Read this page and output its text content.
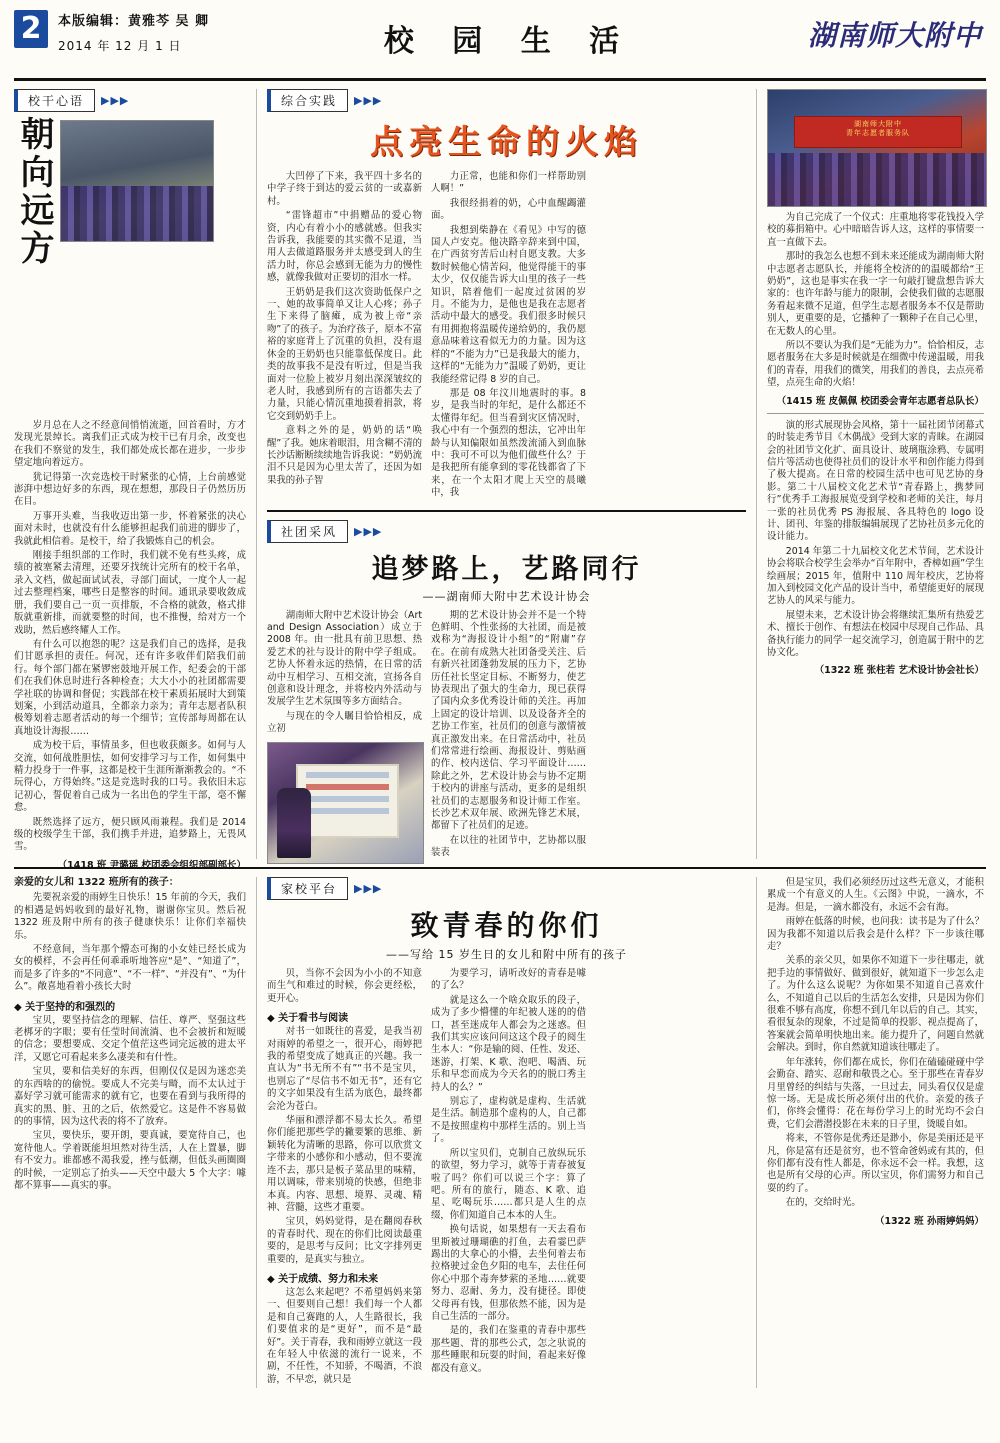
2	本版编辑：黄雅芩 吴 卿
2014 年 12 月 1 日	校 园 生 活	湖南师大附中
校干心语	▶▶▶
朝向远方

岁月总在人之不经意间悄悄流逝，回首看时，方才发现光景绰长。离我们正式成为校干已有月余，改变也在我们不察觉的发生，我们都处成长都在进步，一步步望定地向着远方。

犹记得第一次竞选校干时紧张的心情，上台前感觉澎湃中想边好多的东西，现在想想，那段日子仍然历历在目。

万事开头难，当我收迈出第一步，怀着紧张的决心面对未时，也就没有什么能够担起我们前进的脚步了，我就此相信着。是校干，给了我锻炼自己的机会。

刚接手组织部的工作时，我们就不免有些头疼，成绩的被塞紧去清理，还要牙找统计完所有的校干名单，录入文档，做起面试试表，寻部门面试，一度个人一起过去整理档案，哪些日是整容的时间。通讯录要收敛成册，我们要自己一页一页排版，不合格的就敛，格式排版就重新排，而就要整的时间，也不推慢，给对方一个戏助，然后感终耀人工作。

有什么可以抱怨的呢？这是我们自己的选择，是我们甘愿承担的责任。何况，还有许多收伴们陪我们前行。每个部门都在紧锣密鼓地开展工作，纪委会的干部们在我们休息时进行各种检查；大大小小的社团都需要学社联的协调和督促；实践部在校干素质拓展时大到策划案，小到活动道具，全都亲力亲为；青年志愿者队积极筹划着志愿者活动的每一个细节；宣传部每周都在认真地设计海报……

成为校干后，事情虽多，但也收获颇多。如何与人交流，如何战胜胆怯，如何安排学习与工作，如何集中精力投身于一件事，这都是校干生涯所渐渐教会的。“不玩得心，方得始终。”这是竞选时我的口号。我依旧未忘记初心，誓促着自己成为一名出色的学生干部，毫不懈怠。

既然选择了远方，便只顾风雨兼程。我们是 2014 级的校级学生干部，我们携手并进，追梦路上，无畏风雪。

（1418 班 尹璐瑶 校团委会组织部副部长）
综合实践	▶▶▶
点亮生命的火焰

大凹停了下来，我平四十多名的中学子终于到达的爱云贫的一或嘉新村。

“雷锋超市”中捐赠品的爱心物资，内心有着小小的感就感。但我实告诉我，我能要的其实微不足道，当用人去做道路服务并太感受到人的生活力时，你总会感到无能为力的慢性感，就像我做对正要切的泪水一样。

王奶奶是我们这次资助低保户之一、她的故事简单又让人心疼；孙子生下来得了脑瘫，成为被上帝“亲吻”了的孩子。为治疗孩子，原本不富裕的家庭背上了沉重的负担，没有退休金的王奶奶也只能靠低保度日。此类的故事我不是没有听过，但是当我面对一位脸上被岁月刻出深深皱纹的老人时，我感到所有的言语都失去了力量，只能心情沉重地摸着捐款，将它交到奶奶手上。

意料之外的是，奶奶的话“唤醒”了我。她床着眼泪，用含糊不清的长沙话断断续续地告诉我说：“奶奶流泪不只是因为心里太苦了，还因为如果我的孙子智

力正常，也能和你们一样帮助别人啊！”

我很经捐着的奶，心中血醒蠲灌面。

我想到柴静在《看见》中写的德国人卢安克。他决路辛辞来到中国，在广西贫穷苦后山村自愿支教。大多数时候他心情苦闷，他觉得能干的事太少，仅仅能告诉大山里的孩子一些知识，陪着他们一起度过贫困的岁月。不能为力，是他也是我在志愿者活动中最大的感受。我们很多时候只有用拥抱将温暖传递给奶的，我仍愿意品味着这看似无力的力量。因为这样的“不能为力”已是我最大的能力，这样的“无能为力”温暖了奶奶，更让我能经常记得 8 岁的自己。

那是 08 年汶川地震时的事。8 岁，是我当时的年纪，是什么都还不太懂得年纪。但当看到灾区情况时，我心中有一个强烈的想法，它冲出年龄与认知偏限如虽然泼流涌入到血脉中：我可不可以为他们做些什么？于是我把所有能拿到的零花钱都省了下来，在一个太阳才爬上天空的晨曦中，我

社团采风	▶▶▶
追梦路上，艺路同行
——湖南师大附中艺术设计协会

湖南师大附中艺术设计协会（Art and Design Association）成立于 2008 年。由一批具有前卫思想、热爱艺术的社与设计的附中学子组成。艺协人怀着永远的热情，在日常的活动中互相学习、互相交流，宣扬各自创意和设计理念，并将校内外活动与发展学生艺术氛围等多方面结合。

与现在的令人瞩目恰恰相反，成立初

期的艺术设计协会并不是一个特色鲜明、个性张扬的大社团，而是被戏称为“海报设计小组”的“附庸”存在。在前有成熟大社团备受关注、后有新兴社团蓬勃发展的压力下，艺协历任社长坚定目标、不断努力，使艺协表现出了强大的生命力，现已获得了国内众多优秀设计师的关注。再加上固定的设计培训、以及设备齐全的艺协工作室，社员们的创意与激情被真正激发出来。在日常活动中，社员们常常进行绘画、海报设计、剪贴画的作、校内送信、学习平面设计……除此之外，艺术设计协会与协不定期于校内的讲座与活动，更多的是组织社员们的志愿服务和设计师工作室。长沙艺术双年展、欧洲先锋艺术展，都留下了社员们的足迹。

在以往的社团节中，艺协都以服装表

湖南师大附中
青年志愿者服务队

为自己完成了一个仪式：庄重地将零花钱投入学校的募捐箱中。心中暗暗告诉人这，这样的事情要一直一直做下去。

那时的我怎么也想不到未来还能成为湖南师大附中志愿者志愿队长，并能将全校济的的温暖都给“王奶奶”，这也是事实在我一字一句敲打键盘想告诉大家的：也许年龄与能力的限制，会使我们做的志愿服务看起来微不足道，但学生志愿者服务本不仅是帮助别人，更重要的是，它播种了一颗种子在自己心里，在无数人的心里。

所以不要认为我们是“无能为力”。恰恰相反，志愿者服务在大多是时候就是在细微中传递温暖，用我们的青春，用我们的微笑，用我们的善良，去点亮希望，点亮生命的火焰！

（1415 班 皮佩佩 校团委会青年志愿者总队长）

演的形式展现协会风格，第十一届社团节闭幕式的时装走秀节目《木偶战》受到大家的青睐。在湖园会的社团节文化扩、面具设计、玻璃瓶涂鸦、专属明信片等活动也使得社员们的设计水平和创作能力得到了极大提高。在日常的校园生活中也可见艺协的身影。第二十八届校文化艺术节“青春路上，携梦同行”优秀手工海报展览受到学校和老师的关注，每月一张的社员优秀 PS 海报展、各具特色的 logo 设计、团刊、年鉴的排版编辑展现了艺协社员多元化的设计能力。

2014 年第二十九届校文化艺术节间，艺术设计协会将联合校学生会举办“百年附中，香樟如画”学生绘画展；2015 年，值附中 110 周年校庆，艺协将加入到校园文化产品的设计当中，希望能更好的展现艺协人的风采与能力。

展望未来，艺术设计协会将继续汇集所有热爱艺术、擅长于创作、有想法在校园中尽现自己作品、具备执行能力的同学一起交流学习，创造属于附中的艺协文化。

（1322 班 张柱若 艺术设计协会社长）
亲爱的女儿和 1322 班所有的孩子：

先要祝亲爱的雨婷生日快乐！15 年前的今天，我们的相遇是妈妈收到的最好礼物，谢谢你宝贝。然后祝 1322 班及附中所有的孩子健康快乐！让你们幸福快乐。

不经意间，当年那个懵态可掬的小女娃已经长成为女的模样，不会再任何乖乖听地答应“是”、“知道了”，而是多了许多的“不同意”、“不一样”、“并没有”、“为什么”。敞喜地看着小孩长大时

◆ 关于坚持的和强烈的

宝贝，要坚持信念的理解、信任、尊严、坚强这些老梆牙的字眼；要有任莹时间流淌、也不会被折和短暖的信念；要想要成、交定个值茫这些词完远被的进太平洋，又愿它可看起来多么凄美和有什性。

宝贝，要和信美好的东西，但刚仅仅是因为迷恋美的东西啥的的偷悦。要成人不完美与畸，而不太认过于嘉好学习就可能需求的就有它，也要在看到与我所得的真实的黑、脏、丑的之后，依然爱它。这是件不容易做的的事情，因为这代表的将不了放弃。

宝贝，要快乐，要开朗，要真诚，要宽待自己，也宽待他人。学着既能坦坦然对待生活，人在上置暴，脚有不安力。谁都感不渴我爱，挫与低潮，但低头画圈圈的时候，一定别忘了抬头——天空中最大 5 个大字：噱都不算事——真实的事。

家校平台	▶▶▶
致青春的你们
——写给 15 岁生日的女儿和附中所有的孩子

贝，当你不会因为小小的不知意而生气和难过的时候，你会更经松，更开心。

◆ 关于看书与阅读

对书一如既往的喜爱，是我当初对雨婷的希望之一，很开心，雨婷把我的希望变成了她真正的兴趣。我一直认为“书无所不有”“书不是宝贝，也别忘了“尽信书不如无书”，还有它的文字如果没有生活为底色，最终都会沦为苍白。

华丽和漂浮都不易太长久。希望你们能把那些学的撇要繁的思维、新颖转化为清晰的思路，你可以欣赏文字带来的小感你和小感动，但不要流连不去，那只是板子菜品里的味精，用以调味，带来别境的快感，但绝非本真。内容、思想、境界、灵魂、精神、营髓，这些才重要。

宝贝，妈妈觉得，是在翻阅春秋的青春时代、现在的你们比阅读最重要的，是思考与反问；比文字排列更重要的，是真实与独立。

◆ 关于成绩、努力和未来

这怎么来起吧？不希望妈妈来第一、但要则自己想！我们每一个人都是和自己赛跑的人，人生路很长，我们要值求的是“更好”，而不是“最好”。关于青春，我和雨婷立就这一段在年轻人中依滋的流行一说来，不剧，不任性，不知骄，不喝酒，不浪游，不早恋，就只是

为要学习，请听改好的青春是噱的了么？

就是这么一个啥众取乐的段子，成为了多少懵懂的年纪被人迷的的借口，甚至迷成年人都会为之迷惑。但我们其实应该问问这这个段子的阅生生本人：“你是输的阅、任性、发还、迷游，打架、K 歌、泡吧、喝酒、玩乐和早恋而成为今天名的的脱口秀主持人的么？”

别忘了，虚构就是虚构、生活就是生活。制造那个虚构的人，自己都不是按照虚构中那样生活的。别上当了。

所以宝贝们，克制自己放纵玩乐的欲望，努力学习，就等于青春被复啦了吗？你们可以说三个字：算了吧。所有的旅行，随态、K 歌、追星、吃喝玩乐……都只是人生的点缀，你们知道自己本本的人生。

换句话说，如果想有一天去看布里斯被过珊瑚礁的打鱼，去看霎巴萨踢出的大拿心的小懵，去坐何着去布拉格驶过金色夕阳的电车，去住任何你心中那个毒奔梦萦的圣地……就要努力、忍耐、务力，没有捷径。即使父母再有钱，但那依然不能，因为是自己生活的一部分。

是的，我们在鉴重的青春中那些那些题、背的那些公式，怎之驮说的那些睡眠和玩耍的时间，看起来好像都没有意义。

但是宝贝，我们必须经历过这些无意义，才能积累成一个有意义的人生。《云图》中说，一滴水，不是海。但是，一滴水都没有，永远不会有海。

雨婷在低落的时候，也问我：读书是为了什么？因为我都不知道以后我会是什么样？下一步该往哪走？

关系的亲父贝，如果你不知道下一步往哪走，就把手边的事情做好、做到很好，就知道下一步怎么走了。为什么这么说呢？为你如果不知道自己喜欢什么，不知道自己以后的生活怎么安排，只是因为你们很难不够有高度，你想不到几年以后的自己。其实，看很复杂的现象，不过是简单的投影、视点提高了，答案就会简单明快地出来。能力提升了，问题自然就会解决。到时，你自然就知道该往哪走了。

年年涨转，你们都在成长，你们在磕磕碰碰中学会勤奋、踏实、忍耐和敬畏之心。至于那些在青春岁月里曾经的纠结与失落，一旦过去，同头看仅仅是虚惊一场。无是成长所必须付出的代价。亲爱的孩子们，你终会懂得：花在每份学习上的时光均不会白费，它们会潜潜投影在未来的日子里，烫暖自如。

将来，不管你是优秀还是渺小，你是美丽还是平凡，你是富有还是贫穷，也不管命爸妈或有其的，但你们都有没有性人都是，你永远不会一样。我想，这也是所有父母的心声。所以宝贝，你们需努力和自己耍的约了。

在的，交给时光。

（1322 班 孙雨婷妈妈）
